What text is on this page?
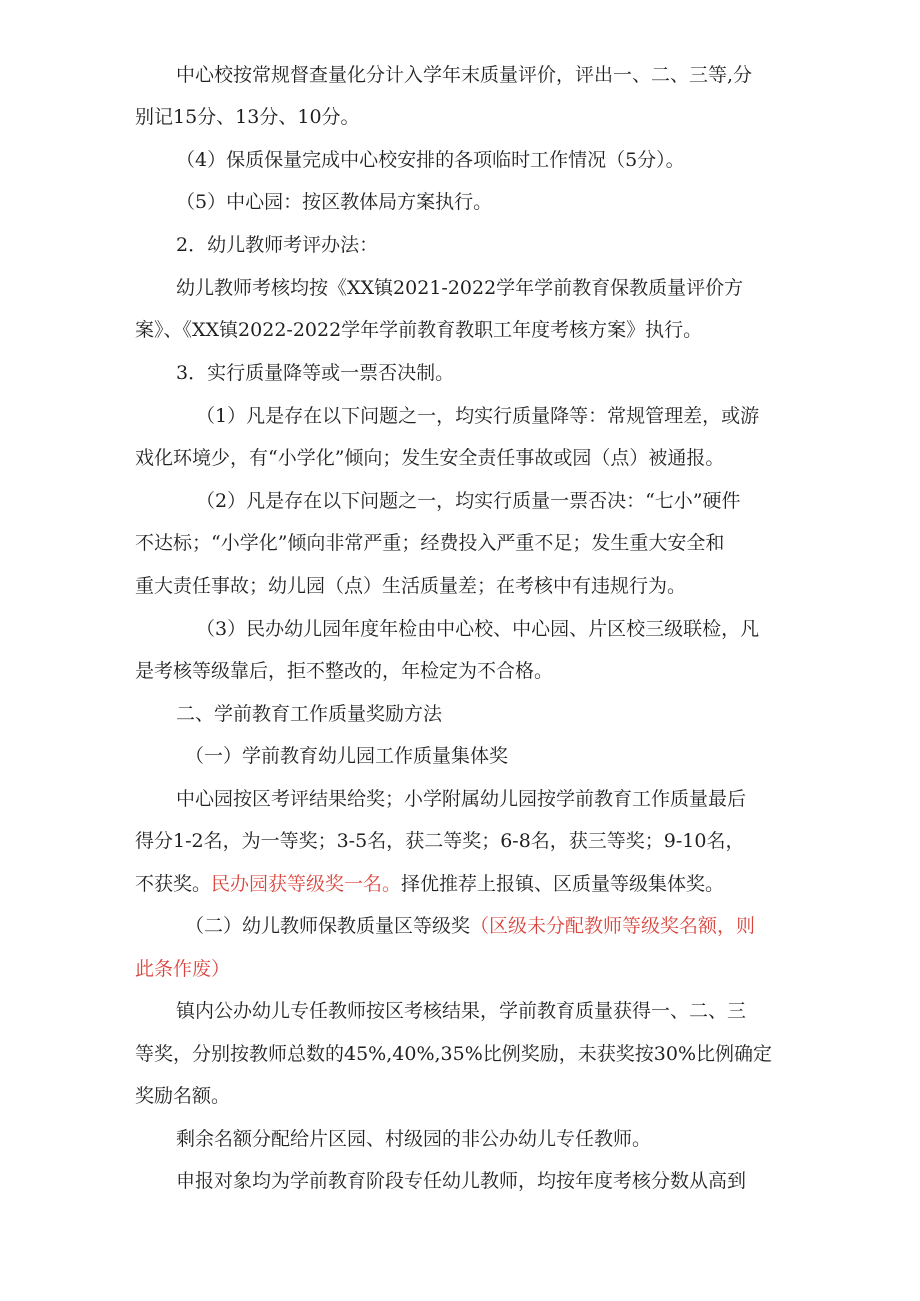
中心校按常规督查量化分计入学年末质量评价，评出一、二、三等,分
别记15分、13分、10分。
（4）保质保量完成中心校安排的各项临时工作情况（5分）。
（5）中心园：按区教体局方案执行。
2．幼儿教师考评办法：
幼儿教师考核均按《XX镇2021-2022学年学前教育保教质量评价方
案》、《XX镇2022-2022学年学前教育教职工年度考核方案》执行。
3．实行质量降等或一票否决制。
（1）凡是存在以下问题之一，均实行质量降等：常规管理差，或游
戏化环境少，有“小学化”倾向；发生安全责任事故或园（点）被通报。
（2）凡是存在以下问题之一，均实行质量一票否决：“七小”硬件
不达标；“小学化”倾向非常严重；经费投入严重不足；发生重大安全和
重大责任事故；幼儿园（点）生活质量差；在考核中有违规行为。
（3）民办幼儿园年度年检由中心校、中心园、片区校三级联检，凡
是考核等级靠后，拒不整改的，年检定为不合格。
二、学前教育工作质量奖励方法
（一）学前教育幼儿园工作质量集体奖
中心园按区考评结果给奖；小学附属幼儿园按学前教育工作质量最后
得分1-2名，为一等奖；3-5名，获二等奖；6-8名，获三等奖；9-10名，
不获奖。民办园获等级奖一名。择优推荐上报镇、区质量等级集体奖。
（二）幼儿教师保教质量区等级奖（区级未分配教师等级奖名额，则
此条作废）
镇内公办幼儿专任教师按区考核结果，学前教育质量获得一、二、三
等奖，分别按教师总数的45%,40%,35%比例奖励，未获奖按30%比例确定
奖励名额。
剩余名额分配给片区园、村级园的非公办幼儿专任教师。
申报对象均为学前教育阶段专任幼儿教师，均按年度考核分数从高到
